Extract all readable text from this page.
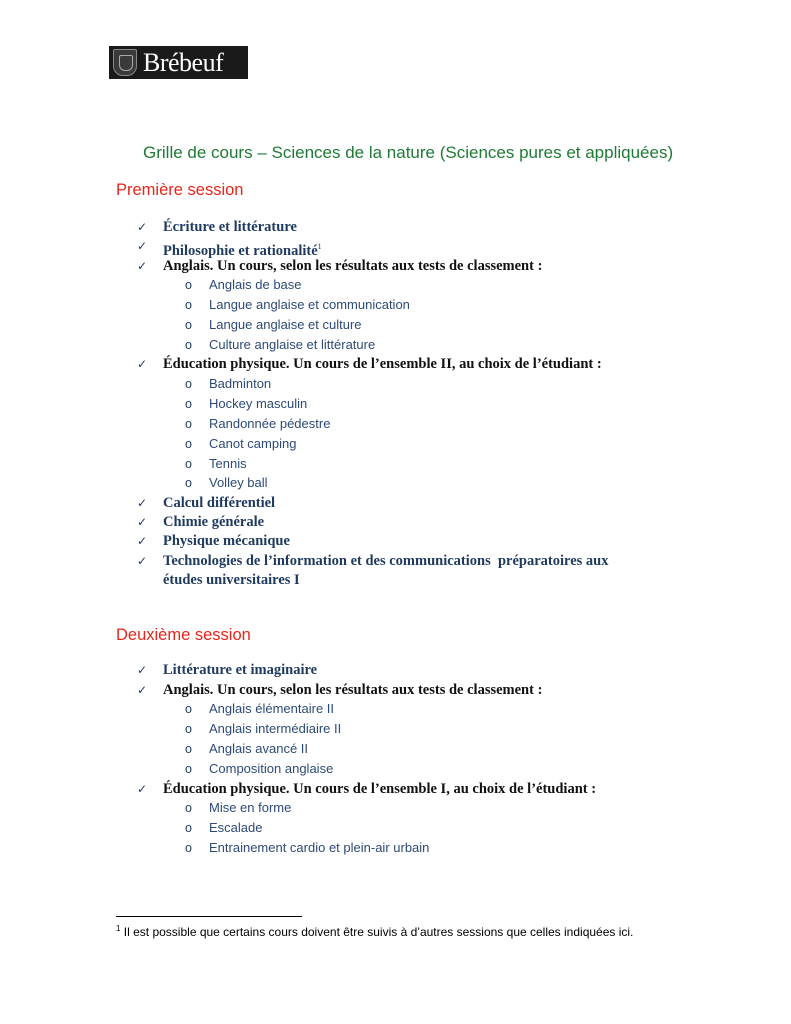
Brébeuf
Grille de cours – Sciences de la nature (Sciences pures et appliquées)
Première session
✓	Écriture et littérature
✓	Philosophie et rationalité$^1$
✓	Anglais. Un cours, selon les résultats aux tests de classement :
o	Anglais de base
o	Langue anglaise et communication
o	Langue anglaise et culture
o	Culture anglaise et littérature
✓	Éducation physique. Un cours de l’ensemble II, au choix de l’étudiant :
o	Badminton
o	Hockey masculin
o	Randonnée pédestre
o	Canot camping
o	Tennis
o	Volley ball
✓	Calcul différentiel
✓	Chimie générale
✓	Physique mécanique
✓	Technologies de l’information et des communications  préparatoires aux
études universitaires I
Deuxième session
✓	Littérature et imaginaire
✓	Anglais. Un cours, selon les résultats aux tests de classement :
o	Anglais élémentaire II
o	Anglais intermédiaire II
o	Anglais avancé II
o	Composition anglaise
✓	Éducation physique. Un cours de l’ensemble I, au choix de l’étudiant :
o	Mise en forme
o	Escalade
o	Entrainement cardio et plein-air urbain
$^1$ Il est possible que certains cours doivent être suivis à d’autres sessions que celles indiquées ici.
